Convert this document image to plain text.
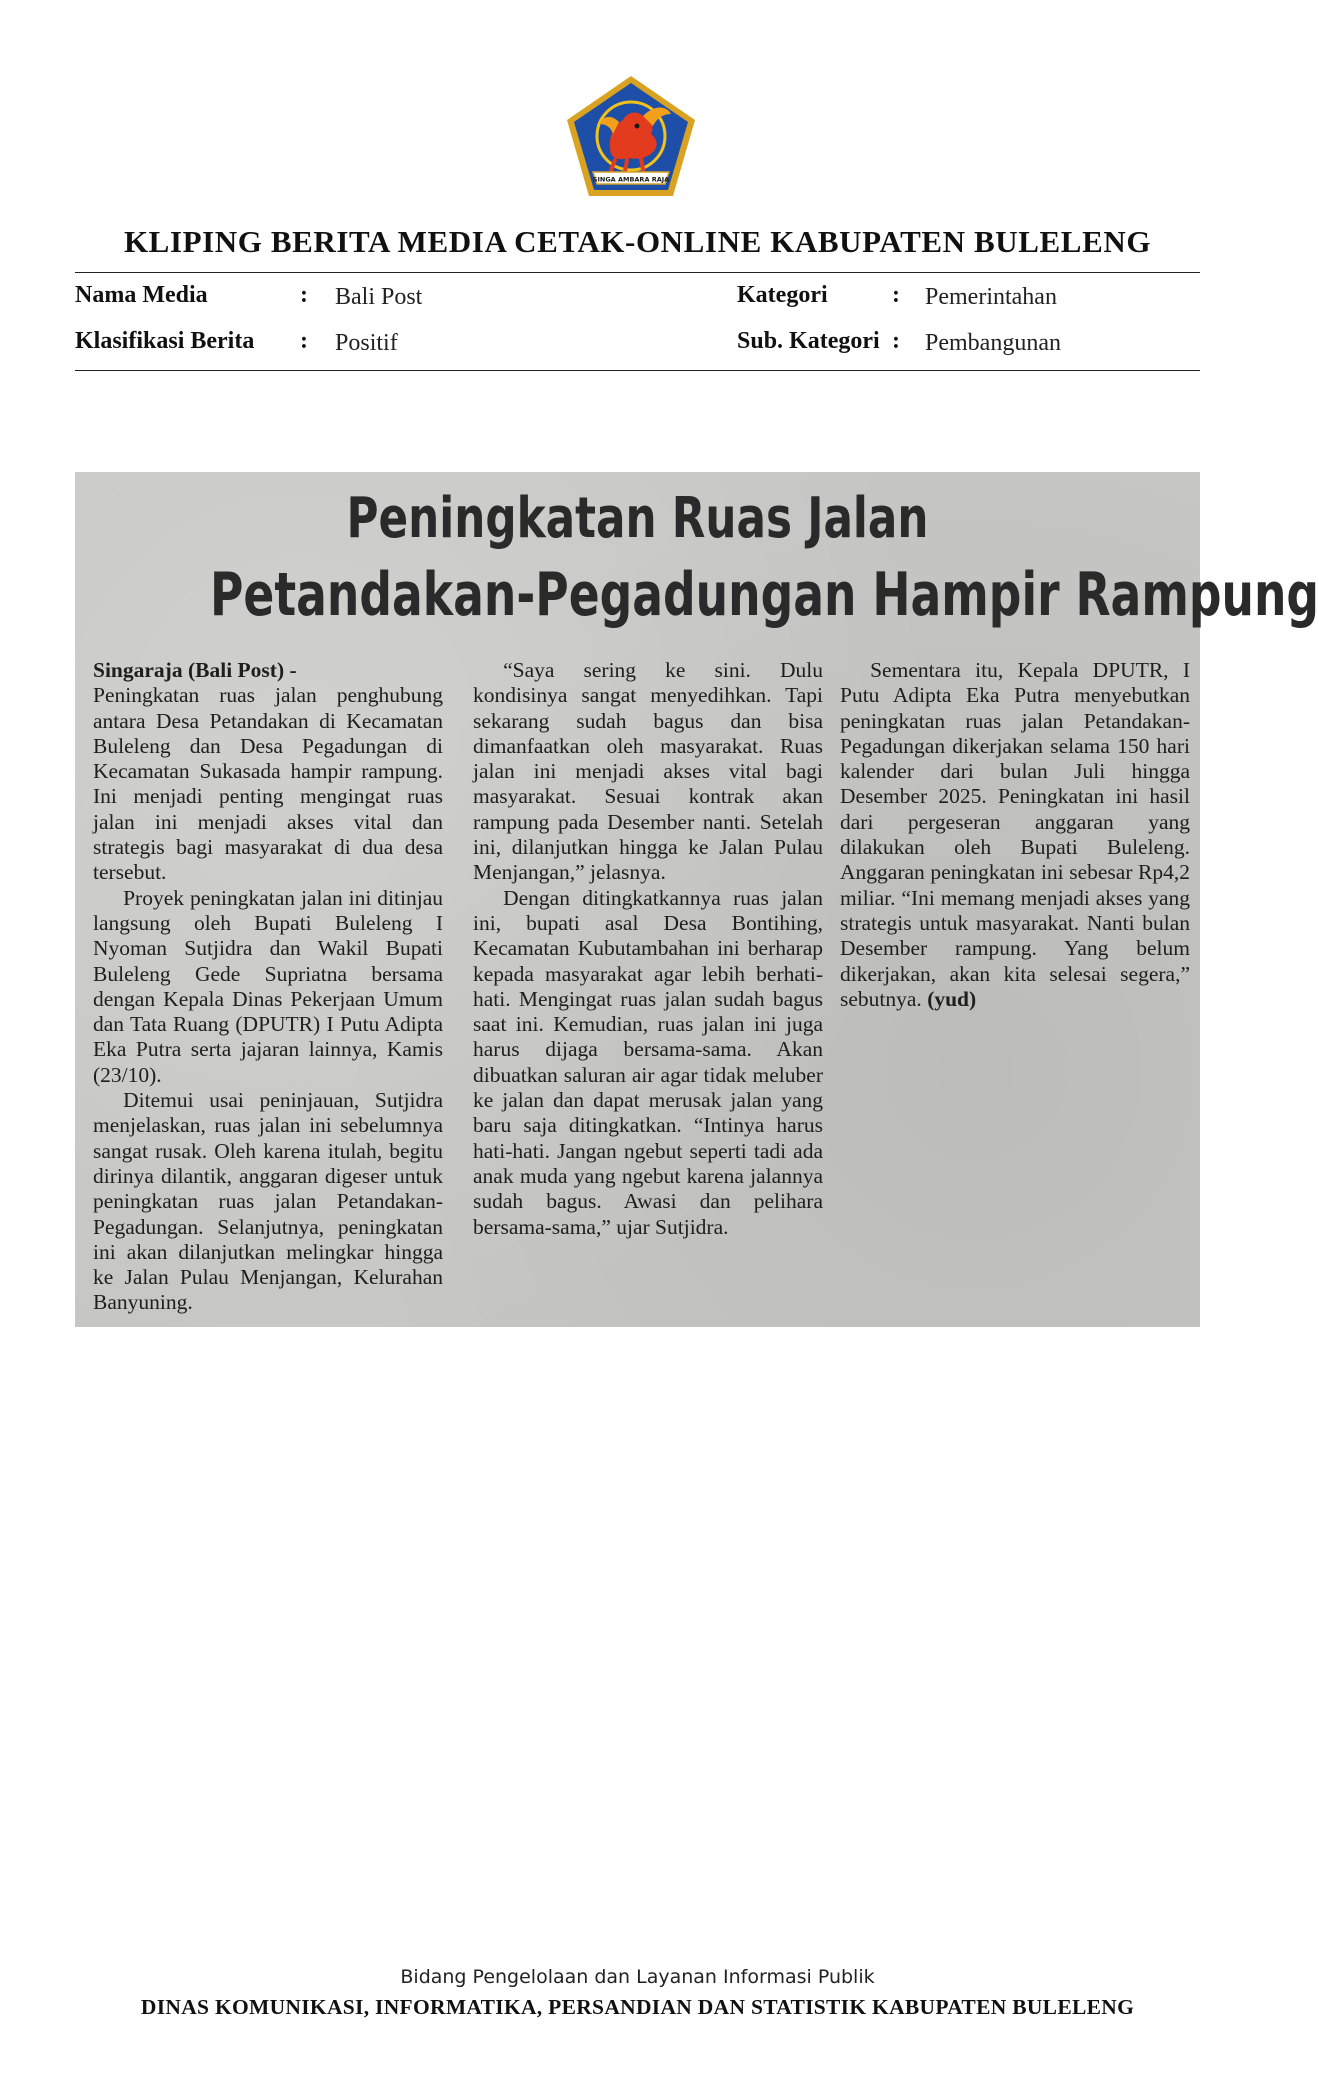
SINGA AMBARA RAJA
KLIPING BERITA MEDIA CETAK-ONLINE KABUPATEN BULELENG
Nama Media	: Bali Post
Klasifikasi Berita : Positif
Kategori	: Pemerintahan
Sub. Kategori : Pembangunan
Peningkatan Ruas Jalan
Petandakan-Pegadungan Hampir Rampung

Singaraja (Bali Post) -
Peningkatan ruas jalan penghubung antara Desa Petandakan di Kecamatan Buleleng dan Desa Pegadungan di Kecamatan Sukasada hampir rampung. Ini menjadi penting mengingat ruas jalan ini menjadi akses vital dan strategis bagi masyarakat di dua desa tersebut.

Proyek peningkatan jalan ini ditinjau langsung oleh Bupati Buleleng I Nyoman Sutjidra dan Wakil Bupati Buleleng Gede Supriatna bersama dengan Kepala Dinas Pekerjaan Umum dan Tata Ruang (DPUTR) I Putu Adipta Eka Putra serta jajaran lainnya, Kamis (23/10).

Ditemui usai peninjauan, Sutjidra menjelaskan, ruas jalan ini sebelumnya sangat rusak. Oleh karena itulah, begitu dirinya dilantik, anggaran digeser untuk peningkatan ruas jalan Petandakan-Pegadungan. Selanjutnya, peningkatan ini akan dilanjutkan melingkar hingga ke Jalan Pulau Menjangan, Kelurahan Banyuning.

“Saya sering ke sini. Dulu kondisinya sangat menyedihkan. Tapi sekarang sudah bagus dan bisa dimanfaatkan oleh masyarakat. Ruas jalan ini menjadi akses vital bagi masyarakat. Sesuai kontrak akan rampung pada Desember nanti. Setelah ini, dilanjutkan hingga ke Jalan Pulau Menjangan,” jelasnya.

Dengan ditingkatkannya ruas jalan ini, bupati asal Desa Bontihing, Kecamatan Kubutambahan ini berharap kepada masyarakat agar lebih berhati-hati. Mengingat ruas jalan sudah bagus saat ini. Kemudian, ruas jalan ini juga harus dijaga bersama-sama. Akan dibuatkan saluran air agar tidak meluber ke jalan dan dapat merusak jalan yang baru saja ditingkatkan. “Intinya harus hati-hati. Jangan ngebut seperti tadi ada anak muda yang ngebut karena jalannya sudah bagus. Awasi dan pelihara bersama-sama,” ujar Sutjidra.

Sementara itu, Kepala DPUTR, I Putu Adipta Eka Putra menyebutkan peningkatan ruas jalan Petandakan-Pegadungan dikerjakan selama 150 hari kalender dari bulan Juli hingga Desember 2025. Peningkatan ini hasil dari pergeseran anggaran yang dilakukan oleh Bupati Buleleng. Anggaran peningkatan ini sebesar Rp4,2 miliar. “Ini memang menjadi akses yang strategis untuk masyarakat. Nanti bulan Desember rampung. Yang belum dikerjakan, akan kita selesai segera,” sebutnya. (yud)

Bidang Pengelolaan dan Layanan Informasi Publik
DINAS KOMUNIKASI, INFORMATIKA, PERSANDIAN DAN STATISTIK KABUPATEN BULELENG
